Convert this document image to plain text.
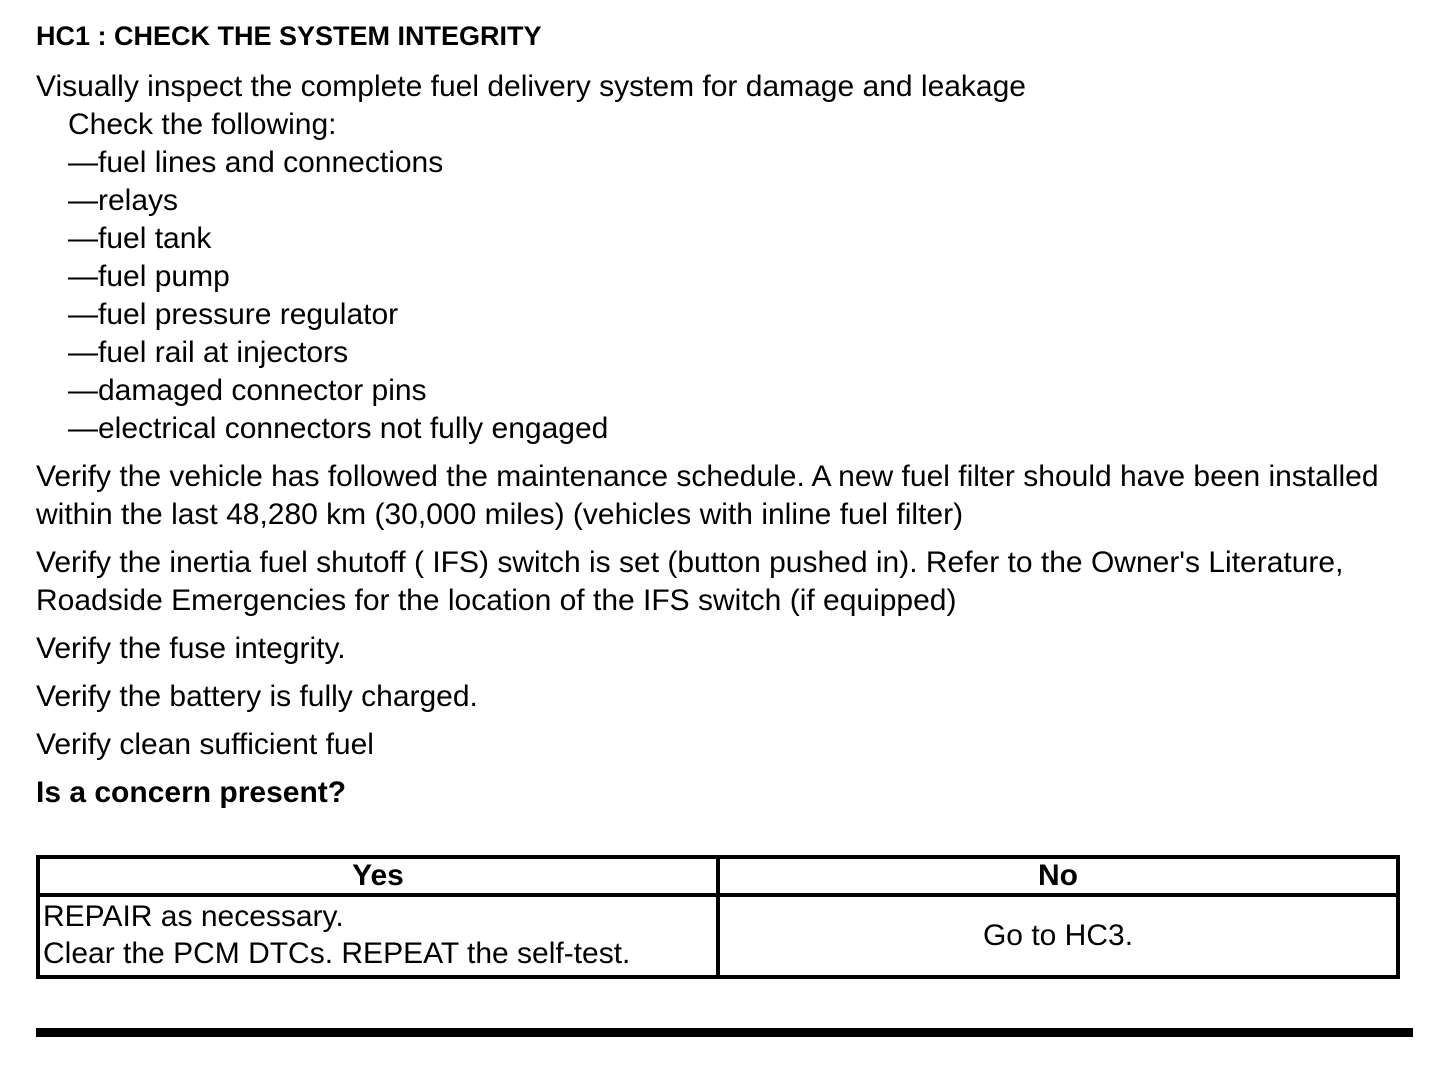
HC1 : CHECK THE SYSTEM INTEGRITY
Visually inspect the complete fuel delivery system for damage and leakage
Check the following:
—fuel lines and connections
—relays
—fuel tank
—fuel pump
—fuel pressure regulator
—fuel rail at injectors
—damaged connector pins
—electrical connectors not fully engaged
Verify the vehicle has followed the maintenance schedule. A new fuel filter should have been installed within the last 48,280 km (30,000 miles) (vehicles with inline fuel filter)
Verify the inertia fuel shutoff ( IFS) switch is set (button pushed in). Refer to the Owner's Literature, Roadside Emergencies for the location of the IFS switch (if equipped)
Verify the fuse integrity.
Verify the battery is fully charged.
Verify clean sufficient fuel
Is a concern present?
Yes	No

REPAIR as necessary.
Clear the PCM DTCs. REPEAT the self-test.	Go to HC3.
